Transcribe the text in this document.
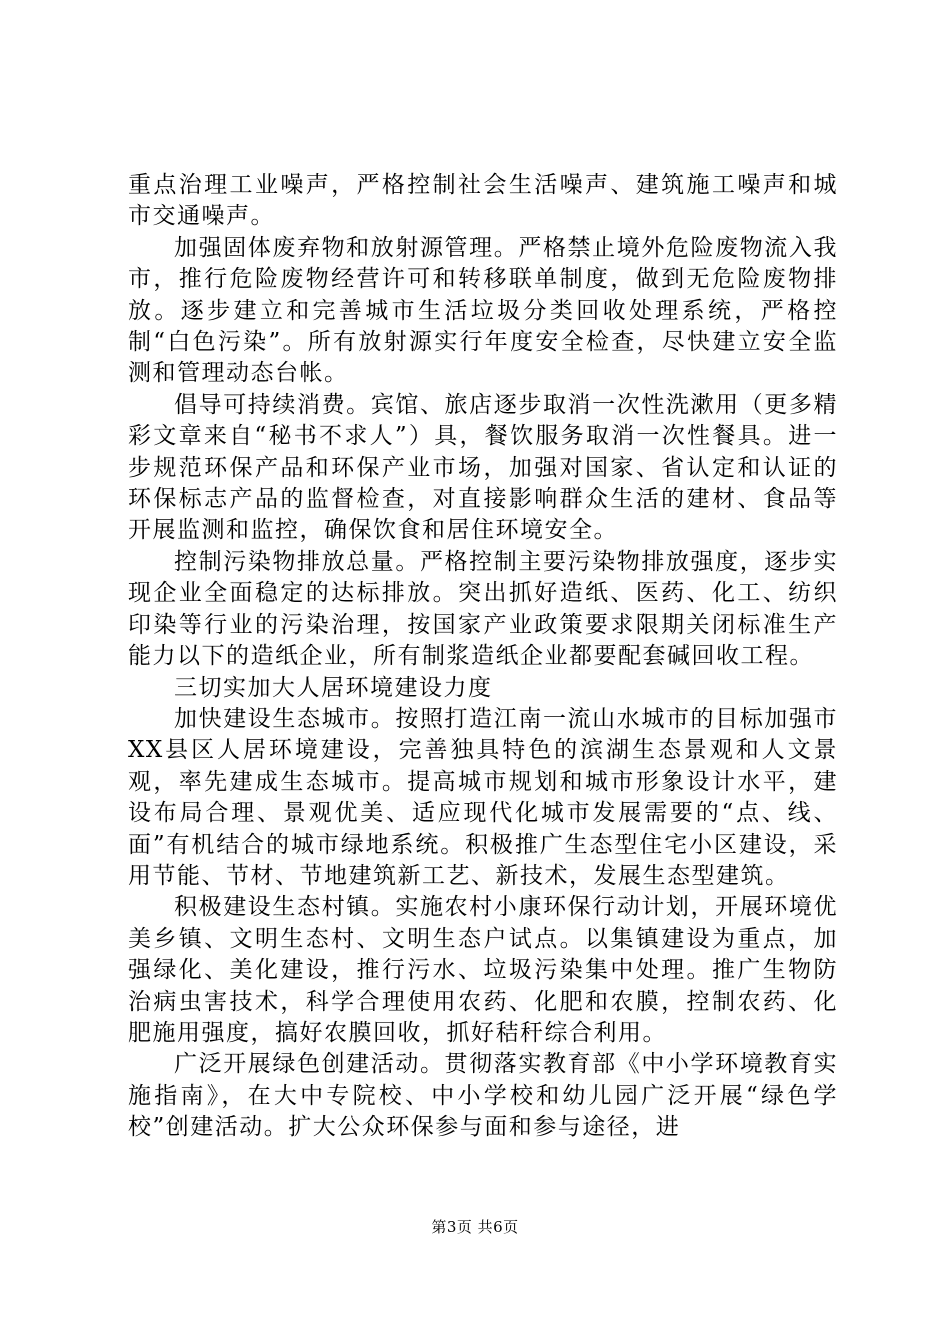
重点治理工业噪声，严格控制社会生活噪声、建筑施工噪声和城市交通噪声。

加强固体废弃物和放射源管理。严格禁止境外危险废物流入我市，推行危险废物经营许可和转移联单制度，做到无危险废物排放。逐步建立和完善城市生活垃圾分类回收处理系统，严格控制“白色污染”。所有放射源实行年度安全检查，尽快建立安全监测和管理动态台帐。

倡导可持续消费。宾馆、旅店逐步取消一次性洗漱用（更多精彩文章来自“秘书不求人”）具，餐饮服务取消一次性餐具。进一步规范环保产品和环保产业市场，加强对国家、省认定和认证的环保标志产品的监督检查，对直接影响群众生活的建材、食品等开展监测和监控，确保饮食和居住环境安全。

控制污染物排放总量。严格控制主要污染物排放强度，逐步实现企业全面稳定的达标排放。突出抓好造纸、医药、化工、纺织印染等行业的污染治理，按国家产业政策要求限期关闭标准生产能力以下的造纸企业，所有制浆造纸企业都要配套碱回收工程。

三切实加大人居环境建设力度

加快建设生态城市。按照打造江南一流山水城市的目标加强市XX县区人居环境建设，完善独具特色的滨湖生态景观和人文景观，率先建成生态城市。提高城市规划和城市形象设计水平，建设布局合理、景观优美、适应现代化城市发展需要的“点、线、面”有机结合的城市绿地系统。积极推广生态型住宅小区建设，采用节能、节材、节地建筑新工艺、新技术，发展生态型建筑。

积极建设生态村镇。实施农村小康环保行动计划，开展环境优美乡镇、文明生态村、文明生态户试点。以集镇建设为重点，加强绿化、美化建设，推行污水、垃圾污染集中处理。推广生物防治病虫害技术，科学合理使用农药、化肥和农膜，控制农药、化肥施用强度，搞好农膜回收，抓好秸秆综合利用。

广泛开展绿色创建活动。贯彻落实教育部《中小学环境教育实施指南》，在大中专院校、中小学校和幼儿园广泛开展“绿色学校”创建活动。扩大公众环保参与面和参与途径，进

第3页 共6页
